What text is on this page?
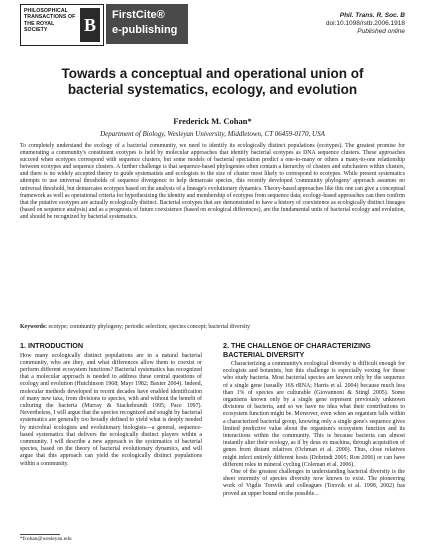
PHILOSOPHICAL TRANSACTIONS OF THE ROYAL SOCIETY	B	FirstCite®
e-publishing
Phil. Trans. R. Soc. B
doi:10.1098/rstb.2006.1918
Published online
Towards a conceptual and operational union of bacterial systematics, ecology, and evolution
Frederick M. Cohan*
Department of Biology, Wesleyan University, Middletown, CT 06459-0170, USA
To completely understand the ecology of a bacterial community, we need to identify its ecologically distinct populations (ecotypes). The greatest promise for enumerating a community's constituent ecotypes is held by molecular approaches that identify bacterial ecotypes as DNA sequence clusters. These approaches succeed when ecotypes correspond with sequence clusters, but some models of bacterial speciation predict a one-to-many or others a many-to-one relationship between ecotypes and sequence clusters. A further challenge is that sequence-based phylogenies often contain a hierarchy of clusters and subclusters within clusters, and there is no widely accepted theory to guide systematists and ecologists to the size of cluster most likely to correspond to ecotypes. While present systematics attempts to use universal thresholds of sequence divergence to help demarcate species, this recently developed 'community phylogeny' approach assumes no universal threshold, but demarcates ecotypes based on the analysis of a lineage's evolutionary dynamics. Theory-based approaches like this one can give a conceptual framework as well as operational criteria for hypothesizing the identity and membership of ecotypes from sequence data; ecology-based approaches can then confirm that the putative ecotypes are actually ecologically distinct. Bacterial ecotypes that are demonstrated to have a history of coexistence as ecologically distinct lineages (based on sequence analysis) and as a prognosis of future coexistence (based on ecological differences), are the fundamental units of bacterial ecology and evolution, and should be recognized by bacterial systematics.
Keywords: ecotype; community phylogeny; periodic selection; species concept; bacterial diversity
1. INTRODUCTION
How many ecologically distinct populations are in a natural bacterial community, who are they, and what differences allow them to coexist or perform different ecosystem functions? Bacterial systematics has recognized that a molecular approach is needed to address these central questions of ecology and evolution (Hutchinson 1968; Mayr 1982; Baxter 2004). Indeed, molecular methods developed in recent decades have enabled identification of many new taxa, from divisions to species, with and without the benefit of culturing the bacteria (Murray & Stackebrandt 1995; Pace 1997). Nevertheless, I will argue that the species recognized and sought by bacterial systematics are generally too broadly defined to yield what is deeply needed by microbial ecologists and evolutionary biologists—a general, sequence-based systematics that delivers the ecologically distinct players within a community. I will describe a new approach to the systematics of bacterial species, based on the theory of bacterial evolutionary dynamics, and will argue that this approach can yield the ecologically distinct populations within a community.
2. THE CHALLENGE OF CHARACTERIZING BACTERIAL DIVERSITY
Characterizing a community's ecological diversity is difficult enough for ecologists and botanists, but this challenge is especially vexing for those who study bacteria. Most bacterial species are known only by the sequence of a single gene (usually 16S rRNA; Harris et al. 2004) because much less than 1% of species are culturable (Giovannoni & Stingl 2005). Some organisms known only by a single gene represent previously unknown divisions of bacteria, and so we have no idea what their contributions to ecosystem function might be. Moreover, even when an organism falls within a characterized bacterial group, knowing only a single gene's sequence gives limited predictive value about the organism's ecosystem function and its interactions within the community. This is because bacteria can almost instantly alter their ecology, as if by deus ex machina, through acquisition of genes from distant relatives (Ochman et al. 2000). Thus, close relatives might infect entirely different hosts (Dobrindt 2005; Ron 2006) or can have different roles in mineral cycling (Coleman et al. 2006).
One of the greatest challenges in understanding bacterial diversity is the sheer enormity of species diversity now known to exist. The pioneering work of Vigdis Torsvik and colleagues (Torsvik et al. 1998, 2002) has proved an upper bound on the possible...
*fcohan@wesleyan.edu
